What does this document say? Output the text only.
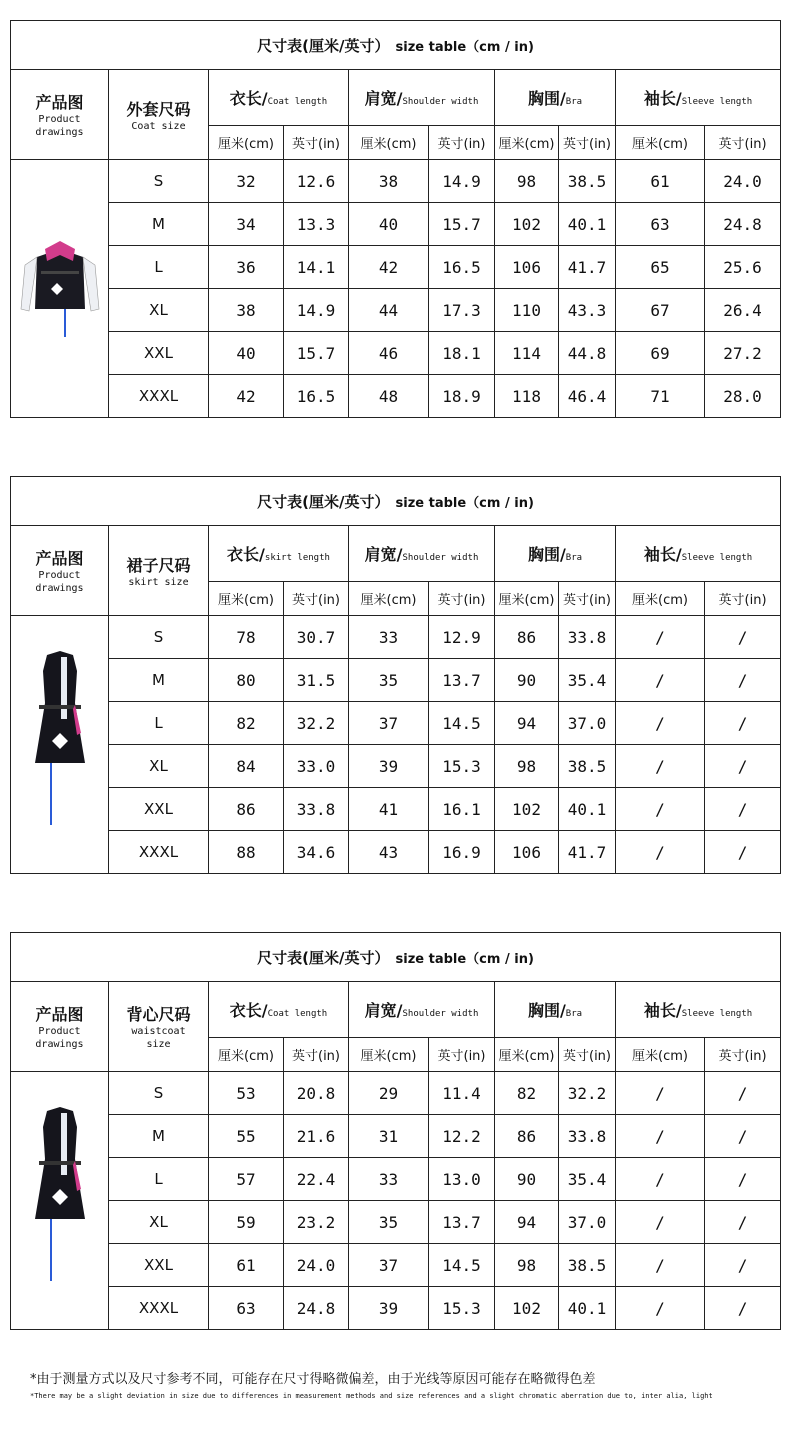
尺寸表(厘米/英寸） size table（cm / in)									
产品图
Product
drawings	外套尺码
Coat size	衣长/Coat length		肩宽/Shoulder width		胸围/Bra		袖长/Sleeve length	
		厘米(cm)	英寸(in)	厘米(cm)	英寸(in)	厘米(cm)	英寸(in)	厘米(cm)	英寸(in)
	S	32	12.6	38	14.9	98	38.5	61	24.0
	M	34	13.3	40	15.7	102	40.1	63	24.8
	L	36	14.1	42	16.5	106	41.7	65	25.6
	XL	38	14.9	44	17.3	110	43.3	67	26.4
	XXL	40	15.7	46	18.1	114	44.8	69	27.2
	XXXL	42	16.5	48	18.9	118	46.4	71	28.0
尺寸表(厘米/英寸） size table（cm / in)									
产品图
Product
drawings	裙子尺码
skirt size	衣长/skirt length		肩宽/Shoulder width		胸围/Bra		袖长/Sleeve length	
		厘米(cm)	英寸(in)	厘米(cm)	英寸(in)	厘米(cm)	英寸(in)	厘米(cm)	英寸(in)
	S	78	30.7	33	12.9	86	33.8	/	/
	M	80	31.5	35	13.7	90	35.4	/	/
	L	82	32.2	37	14.5	94	37.0	/	/
	XL	84	33.0	39	15.3	98	38.5	/	/
	XXL	86	33.8	41	16.1	102	40.1	/	/
	XXXL	88	34.6	43	16.9	106	41.7	/	/
尺寸表(厘米/英寸） size table（cm / in)									
产品图
Product
drawings	背心尺码
waistcoat
size	衣长/Coat length		肩宽/Shoulder width		胸围/Bra		袖长/Sleeve length	
		厘米(cm)	英寸(in)	厘米(cm)	英寸(in)	厘米(cm)	英寸(in)	厘米(cm)	英寸(in)
	S	53	20.8	29	11.4	82	32.2	/	/
	M	55	21.6	31	12.2	86	33.8	/	/
	L	57	22.4	33	13.0	90	35.4	/	/
	XL	59	23.2	35	13.7	94	37.0	/	/
	XXL	61	24.0	37	14.5	98	38.5	/	/
	XXXL	63	24.8	39	15.3	102	40.1	/	/
*由于测量方式以及尺寸参考不同，可能存在尺寸得略微偏差，由于光线等原因可能存在略微得色差
*There may be a slight deviation in size due to differences in measurement methods and size references and a slight chromatic aberration due to, inter alia, light
